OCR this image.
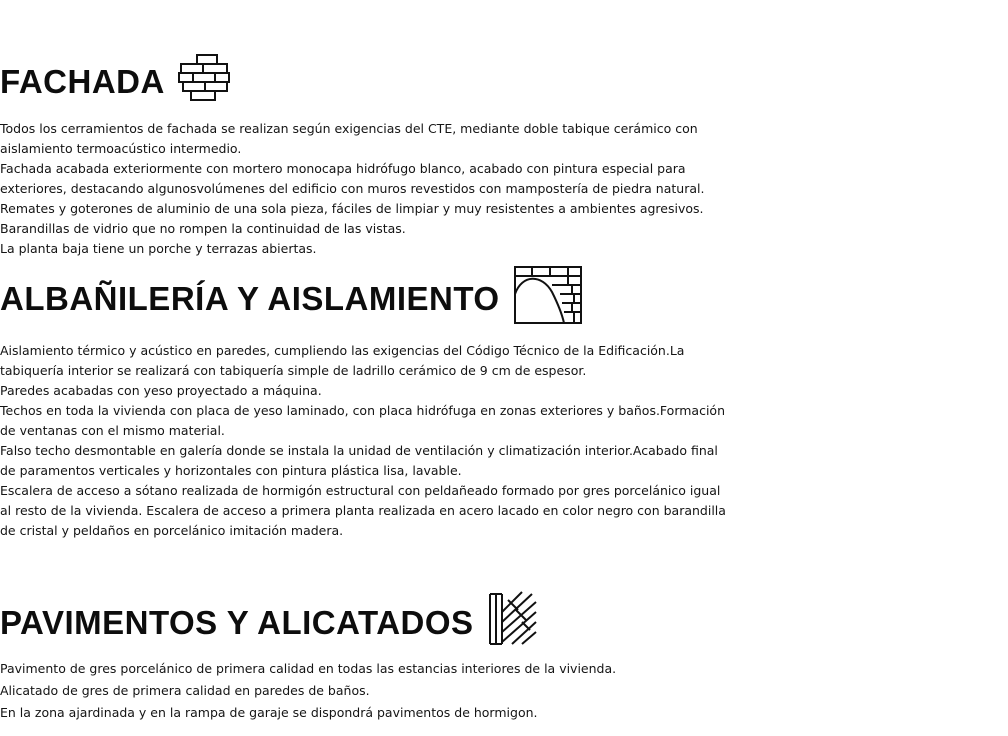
FACHADA
Todos los cerramientos de fachada se realizan según exigencias del CTE, mediante doble tabique cerámico con
aislamiento termoacústico intermedio.
Fachada acabada exteriormente con mortero monocapa hidrófugo blanco, acabado con pintura especial para
exteriores, destacando algunosvolúmenes del edificio con muros revestidos con mampostería de piedra natural.
Remates y goterones de aluminio de una sola pieza, fáciles de limpiar y muy resistentes a ambientes agresivos.
Barandillas de vidrio que no rompen la continuidad de las vistas.
La planta baja tiene un porche y terrazas abiertas.
ALBAÑILERÍA Y AISLAMIENTO
Aislamiento térmico y acústico en paredes, cumpliendo las exigencias del Código Técnico de la Edificación.La
tabiquería interior se realizará con tabiquería simple de ladrillo cerámico de 9 cm de espesor.
Paredes acabadas con yeso proyectado a máquina.
Techos en toda la vivienda con placa de yeso laminado, con placa hidrófuga en zonas exteriores y baños.Formación
de ventanas con el mismo material.
Falso techo desmontable en galería donde se instala la unidad de ventilación y climatización interior.Acabado final
de paramentos verticales y horizontales con pintura plástica lisa, lavable.
Escalera de acceso a sótano realizada de hormigón estructural con peldañeado formado por gres porcelánico igual
al resto de la vivienda. Escalera de acceso a primera planta realizada en acero lacado en color negro con barandilla
de cristal y peldaños en porcelánico imitación madera.
PAVIMENTOS Y ALICATADOS
Pavimento de gres porcelánico de primera calidad en todas las estancias interiores de la vivienda.
Alicatado de gres de primera calidad en paredes de baños.
En la zona ajardinada y en la rampa de garaje se dispondrá pavimentos de hormigon.
